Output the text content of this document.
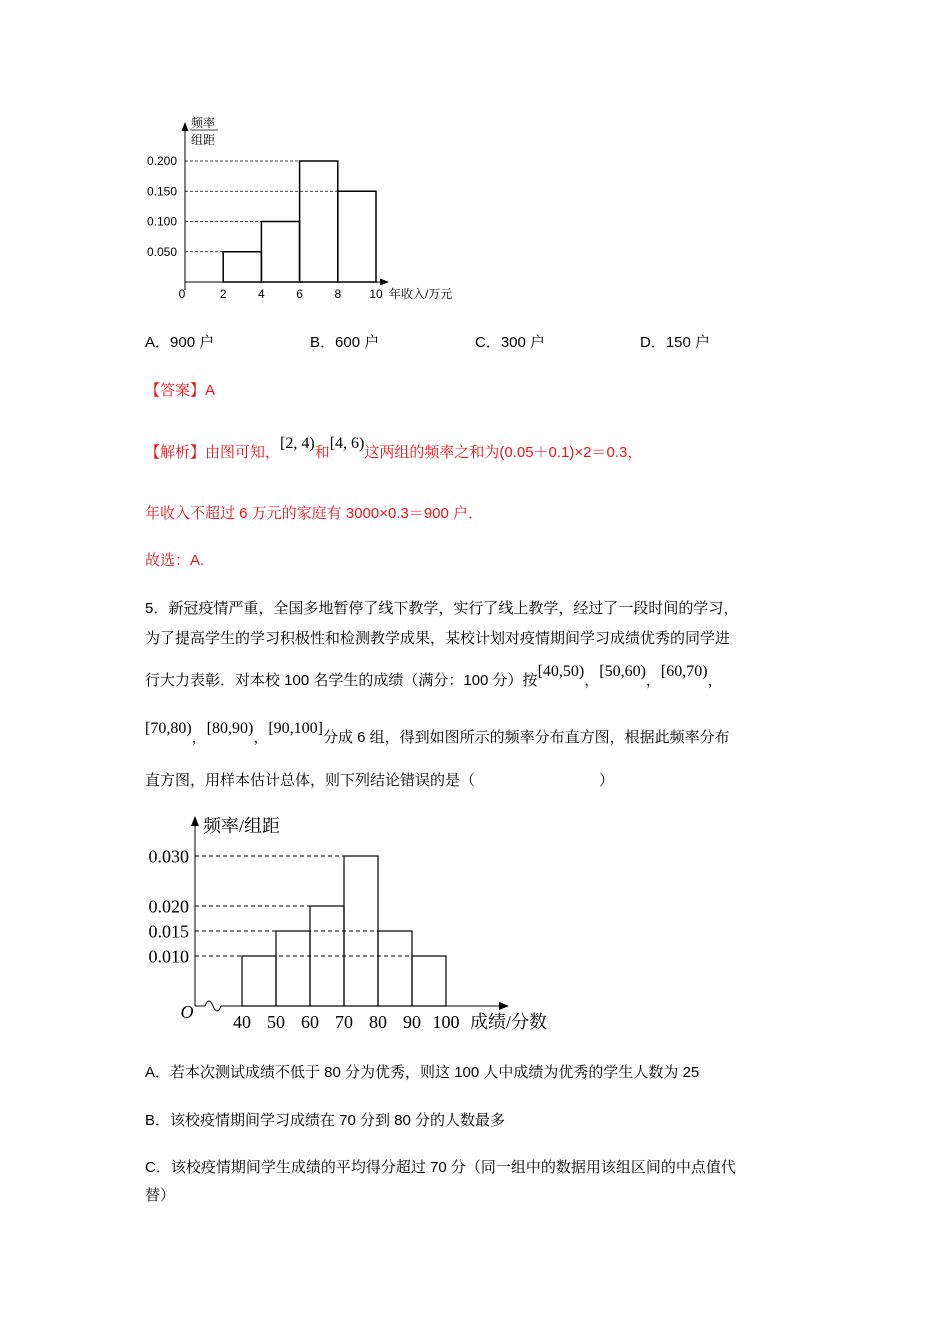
频率
组距
0.050
0.100
0.150
0.200
2	4	6	8 10
0	年收入/万元
A．900 户	B．600 户	C．300 户	D．150 户
【答案】A
【解析】由图可知，[2, 4)和[4, 6)这两组的频率之和为(0.05＋0.1)×2＝0.3，
年收入不超过 6 万元的家庭有 3000×0.3＝900 户．
故选：A.
5．新冠疫情严重，全国多地暂停了线下教学，实行了线上教学，经过了一段时间的学习，
为了提高学生的学习积极性和检测教学成果，某校计划对疫情期间学习成绩优秀的同学进
行大力表彰．对本校 100 名学生的成绩（满分：100 分）按[40,50)，[50,60)，[60,70)，
[70,80)，[80,90)，[90,100]分成 6 组，得到如图所示的频率分布直方图，根据此频率分布
直方图，用样本估计总体，则下列结论错误的是（	）
频率/组距
0.010
0.015
0.020
0.030
40 50 60 70 80 90 100
O	成绩/分数
A．若本次测试成绩不低于 80 分为优秀，则这 100 人中成绩为优秀的学生人数为 25
B．该校疫情期间学习成绩在 70 分到 80 分的人数最多
C．该校疫情期间学生成绩的平均得分超过 70 分（同一组中的数据用该组区间的中点值代
替）
